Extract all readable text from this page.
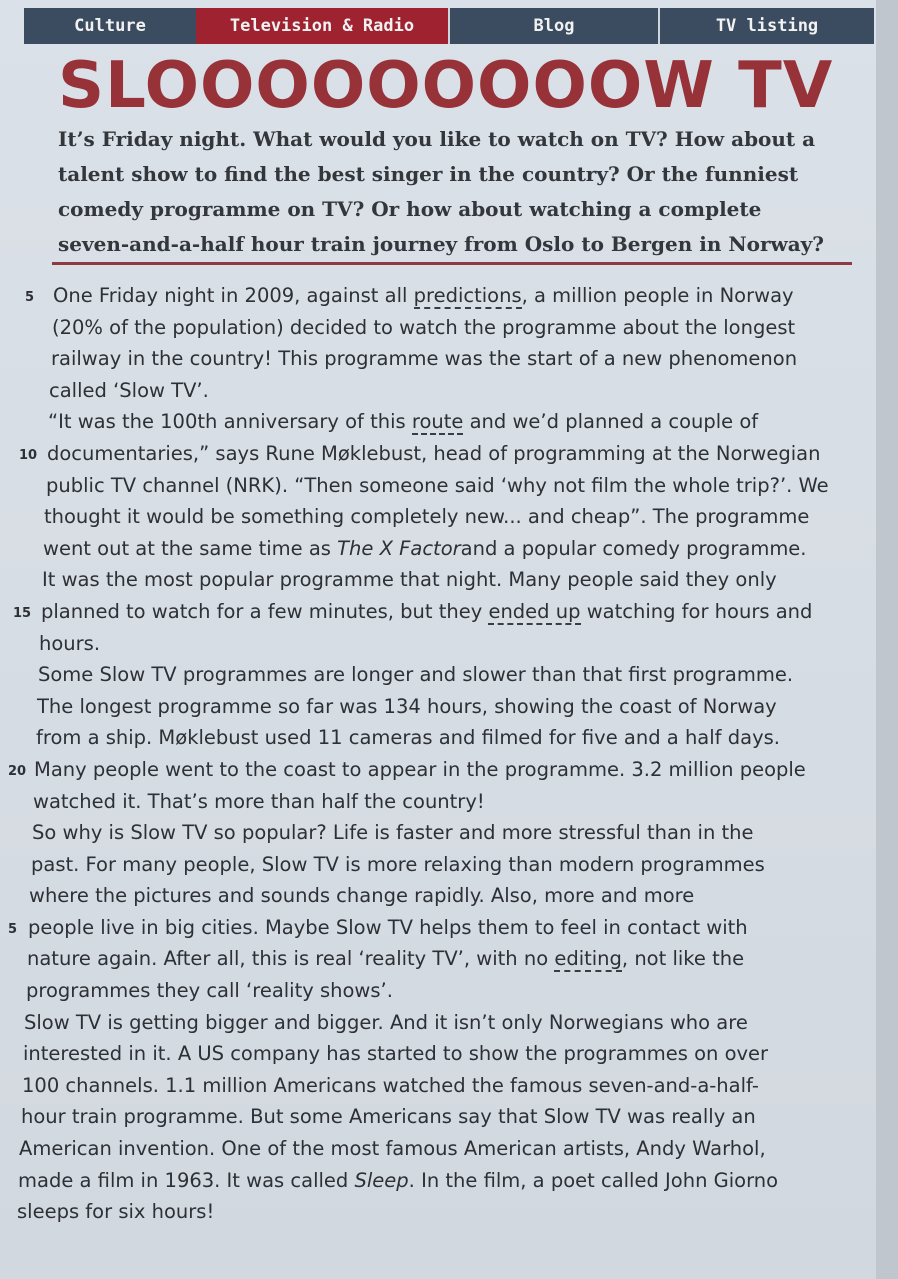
Culture	Television & Radio	Blog	TV listing
SLOOOOOOOOOW TV
It’s Friday night. What would you like to watch on TV? How about a
talent show to find the best singer in the country? Or the funniest
comedy programme on TV? Or how about watching a complete
seven-and-a-half hour train journey from Oslo to Bergen in Norway?
5 One Friday night in 2009, against all predictions, a million people in Norway
(20% of the population) decided to watch the programme about the longest
railway in the country! This programme was the start of a new phenomenon
called ‘Slow TV’.
“It was the 100th anniversary of this route and we’d planned a couple of
10 documentaries,” says Rune Møklebust, head of programming at the Norwegian
public TV channel (NRK). “Then someone said ‘why not film the whole trip?’. We
thought it would be something completely new... and cheap”. The programme
went out at the same time as The X Factorand a popular comedy programme.
It was the most popular programme that night. Many people said they only
15 planned to watch for a few minutes, but they ended up watching for hours and
hours.
Some Slow TV programmes are longer and slower than that first programme.
The longest programme so far was 134 hours, showing the coast of Norway
from a ship. Møklebust used 11 cameras and filmed for five and a half days.
20 Many people went to the coast to appear in the programme. 3.2 million people
watched it. That’s more than half the country!
So why is Slow TV so popular? Life is faster and more stressful than in the
past. For many people, Slow TV is more relaxing than modern programmes
where the pictures and sounds change rapidly. Also, more and more
5 people live in big cities. Maybe Slow TV helps them to feel in contact with
nature again. After all, this is real ‘reality TV’, with no editing, not like the
programmes they call ‘reality shows’.
Slow TV is getting bigger and bigger. And it isn’t only Norwegians who are
interested in it. A US company has started to show the programmes on over
100 channels. 1.1 million Americans watched the famous seven-and-a-half-
hour train programme. But some Americans say that Slow TV was really an
American invention. One of the most famous American artists, Andy Warhol,
made a film in 1963. It was called Sleep. In the film, a poet called John Giorno
sleeps for six hours!
